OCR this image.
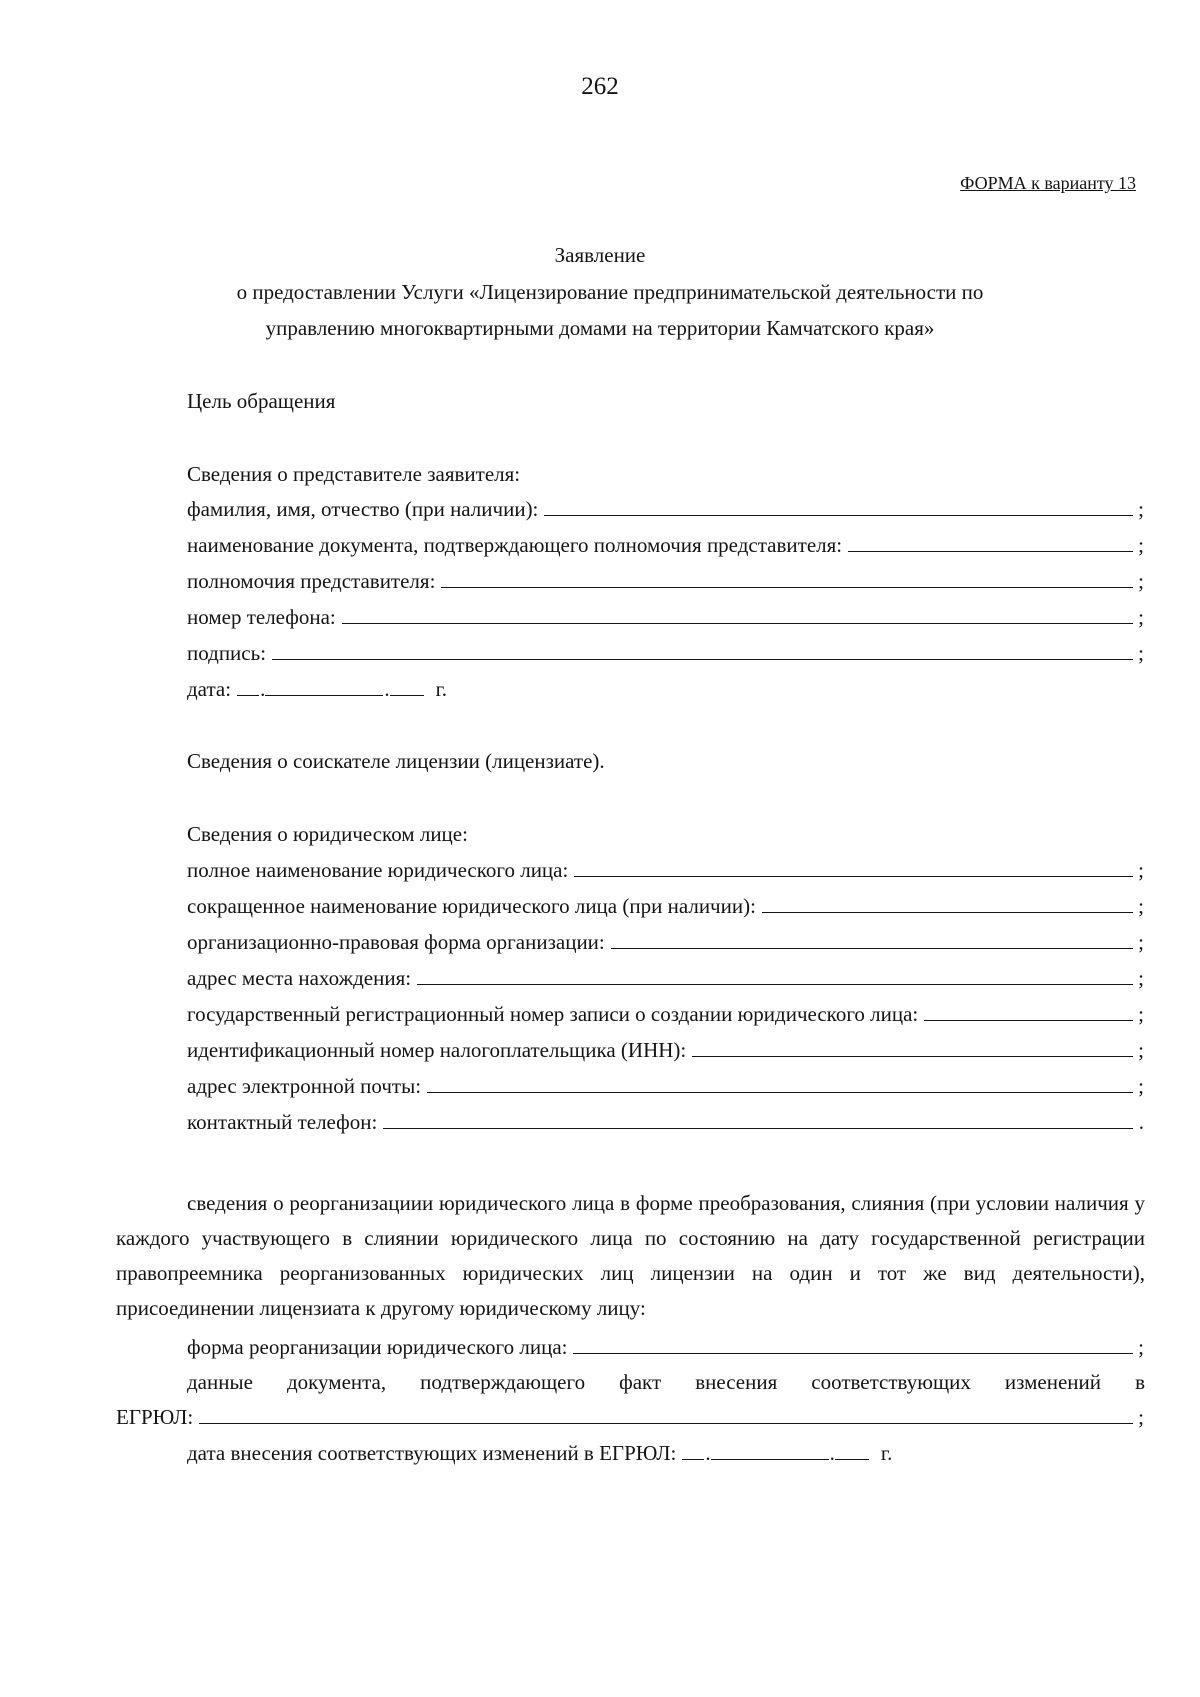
262
ФОРМА к варианту 13
Заявление
о предоставлении Услуги «Лицензирование предпринимательской деятельности по
управлению многоквартирными домами на территории Камчатского края»
Цель обращения
Сведения о представителе заявителя:
фамилия, имя, отчество (при наличии):	;
наименование документа, подтверждающего полномочия представителя:	;
полномочия представителя:	;
номер телефона:	;
подпись:	;
дата: .	. г.
Сведения о соискателе лицензии (лицензиате).
Сведения о юридическом лице:
полное наименование юридического лица:	;
сокращенное наименование юридического лица (при наличии):	;
организационно-правовая форма организации:	;
адрес места нахождения:	;
государственный регистрационный номер записи о создании юридического лица:	;
идентификационный номер налогоплательщика (ИНН):	;
адрес электронной почты:	;
контактный телефон:	.
сведения о реорганизациии юридического лица в форме преобразования, слияния (при условии наличия у каждого участвующего в слиянии юридического лица по состоянию на дату государственной регистрации правопреемника реорганизованных юридических лиц лицензии на один и тот же вид деятельности), присоединении лицензиата к другому юридическому лицу:
форма реорганизации юридического лица:	;
данные документа, подтверждающего факт внесения соответствующих изменений в
ЕГРЮЛ:	;
дата внесения соответствующих изменений в ЕГРЮЛ: .	. г.
